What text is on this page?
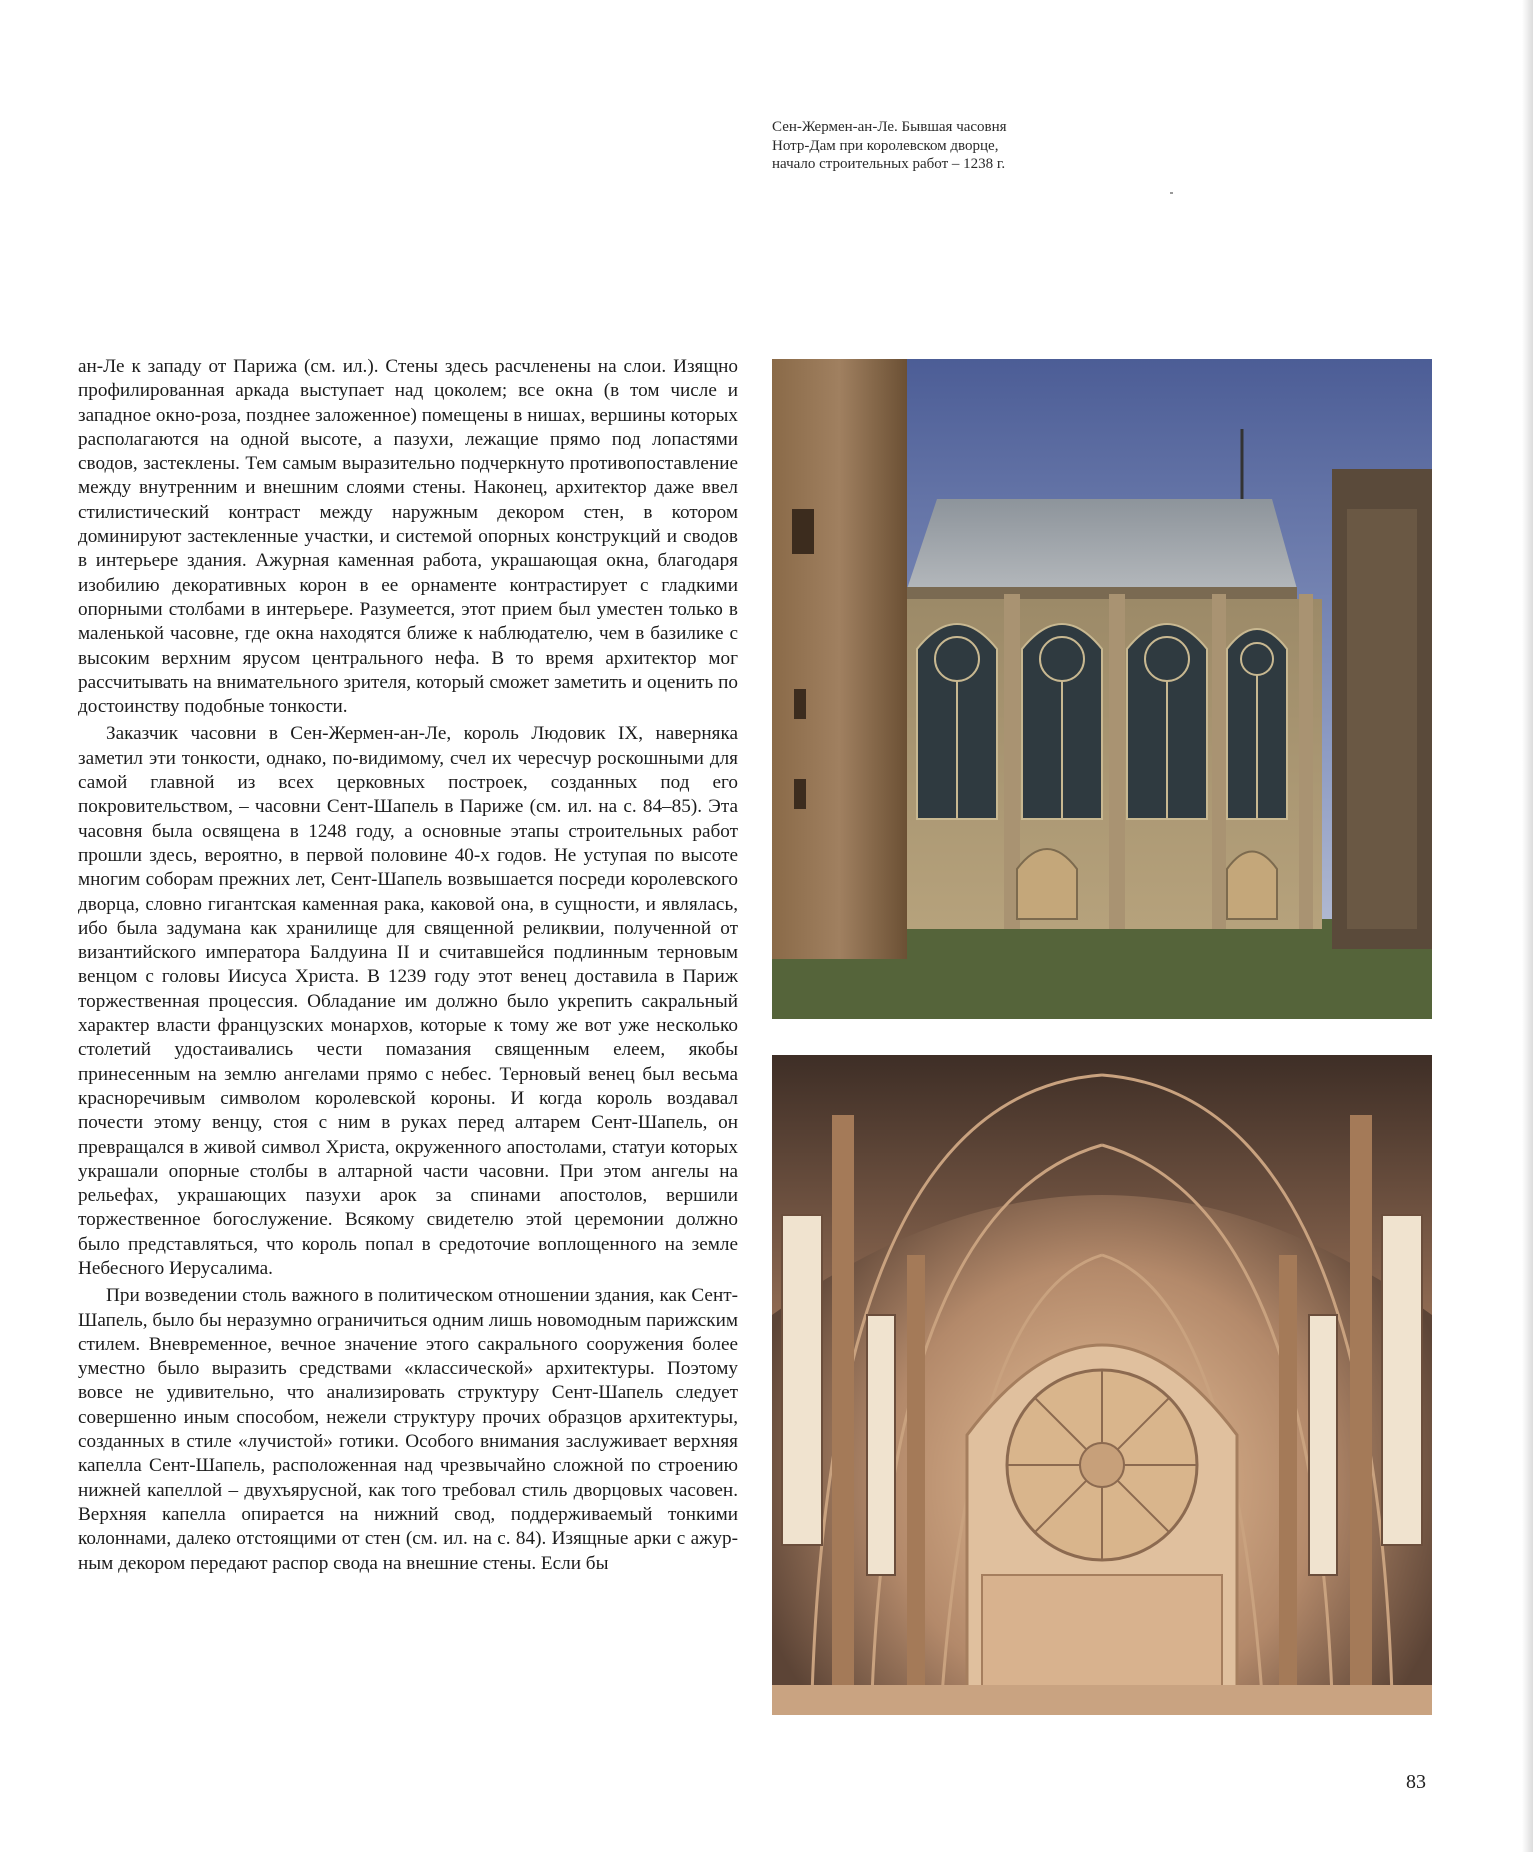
Сен-Жермен-ан-Ле. Бывшая часовня
Нотр-Дам при королевском дворце,
начало строительных работ – 1238 г.

ан-Ле к западу от Парижа (см. ил.). Стены здесь расчленены на слои. Изящно профилированная аркада выступает над цоколем; все окна (в том числе и западное окно-роза, позднее заложенное) помещены в нишах, вершины которых располагаются на одной высоте, а пазухи, лежащие прямо под лопастями сводов, застеклены. Тем самым выразительно подчеркнуто противопоставление между внутренним и внешним слоями стены. Наконец, архитектор даже ввел стилистический контраст между наружным декором стен, в котором доминируют застекленные участки, и системой опорных конструкций и сводов в интерьере здания. Ажурная каменная работа, украшающая окна, благодаря изобилию декоративных корон в ее орнаменте контрастирует с гладкими опорными столбами в интерьере. Разумеется, этот прием был уместен только в маленькой часовне, где окна находятся ближе к наблюдателю, чем в базилике с высоким верхним ярусом центрального нефа. В то время архитектор мог рассчитывать на внимательного зрителя, который сможет заметить и оценить по достоинству подобные тонкости.

Заказчик часовни в Сен-Жермен-ан-Ле, король Людовик IX, наверняка заметил эти тонкости, однако, по-видимому, счел их чересчур роскошными для самой главной из всех церковных построек, созданных под его покровительством, – часовни Сент-Шапель в Париже (см. ил. на с. 84–85). Эта часовня была освящена в 1248 году, а основные этапы строительных работ прошли здесь, вероятно, в первой половине 40-х годов. Не уступая по высоте многим соборам прежних лет, Сент-Шапель возвышается посреди королевского дворца, словно гигантская каменная рака, каковой она, в сущности, и являлась, ибо была задумана как хранилище для священной реликвии, полученной от византийского императора Балдуина II и считавшейся подлинным терновым венцом с головы Иисуса Христа. В 1239 году этот венец доставила в Париж торжественная процессия. Обладание им должно было укрепить сакральный характер власти французских монархов, которые к тому же вот уже несколько столетий удостаивались чести помазания священным елеем, якобы принесенным на землю ангелами прямо с небес. Терновый венец был весьма красноречивым символом королевской короны. И когда король воздавал почести этому венцу, стоя с ним в руках перед алтарем Сент-Шапель, он превращался в живой символ Христа, окруженного апостолами, статуи которых украшали опорные столбы в алтарной части часовни. При этом ангелы на рельефах, украшающих пазухи арок за спинами апостолов, вершили торжественное богослужение. Всякому свидетелю этой церемонии должно было представляться, что король попал в средоточие воплощенного на земле Небесного Иерусалима.

При возведении столь важного в политическом отношении здания, как Сент-Шапель, было бы неразумно ограничиться одним лишь новомодным парижским стилем. Вневременное, вечное значение этого сакрального сооружения более уместно было выразить средствами «классической» архитектуры. Поэтому вовсе не удивительно, что анализировать структуру Сент-Шапель следует совершенно иным способом, нежели структуру прочих образцов архитектуры, созданных в стиле «лучистой» готики. Особого внимания заслуживает верхняя капелла Сент-Шапель, расположенная над чрезвычайно сложной по строению нижней капеллой – двухъярусной, как того требовал стиль дворцовых часовен. Верхняя капелла опирается на нижний свод, поддерживаемый тонкими колоннами, далеко отстоящими от стен (см. ил. на с. 84). Изящные арки с ажурным декором передают распор свода на внешние стены. Если бы

83
